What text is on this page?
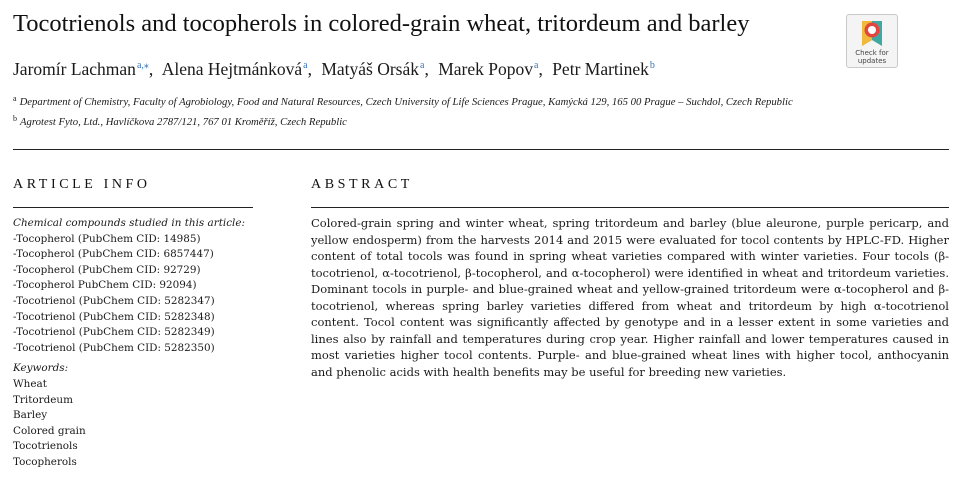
Tocotrienols and tocopherols in colored-grain wheat, tritordeum and barley
Jaromír Lachman$^{a,⁎}$, Alena Hejtmánková$^a$, Matyáš Orsák$^a$, Marek Popov$^a$, Petr Martinek$^b$
$^a$ Department of Chemistry, Faculty of Agrobiology, Food and Natural Resources, Czech University of Life Sciences Prague, Kamýcká 129, 165 00 Prague – Suchdol, Czech Republic
$^b$ Agrotest Fyto, Ltd., Havlíčkova 2787/121, 767 01 Kroměříž, Czech Republic
Check for
updates
ARTICLE INFO	ABSTRACT
Chemical compounds studied in this article:
-Tocopherol (PubChem CID: 14985)
-Tocopherol (PubChem CID: 6857447)
-Tocopherol (PubChem CID: 92729)
-Tocopherol PubChem CID: 92094)
-Tocotrienol (PubChem CID: 5282347)
-Tocotrienol (PubChem CID: 5282348)
-Tocotrienol (PubChem CID: 5282349)
-Tocotrienol (PubChem CID: 5282350)
Keywords:
Wheat
Tritordeum
Barley
Colored grain
Tocotrienols
Tocopherols
Colored-grain spring and winter wheat, spring tritordeum and barley (blue aleurone, purple pericarp, and yellow endosperm) from the harvests 2014 and 2015 were evaluated for tocol contents by HPLC-FD. Higher content of total tocols was found in spring wheat varieties compared with winter varieties. Four tocols (β-tocotrienol, α-tocotrienol, β-tocopherol, and α-tocopherol) were identified in wheat and tritordeum varieties. Dominant tocols in purple- and blue-grained wheat and yellow-grained tritordeum were α-tocopherol and β-tocotrienol, whereas spring barley varieties differed from wheat and tritordeum by high α-tocotrienol content. Tocol content was significantly affected by genotype and in a lesser extent in some varieties and lines also by rainfall and temperatures during crop year. Higher rainfall and lower temperatures caused in most varieties higher tocol contents. Purple- and blue-grained wheat lines with higher tocol, anthocyanin and phenolic acids with health benefits may be useful for breeding new varieties.
